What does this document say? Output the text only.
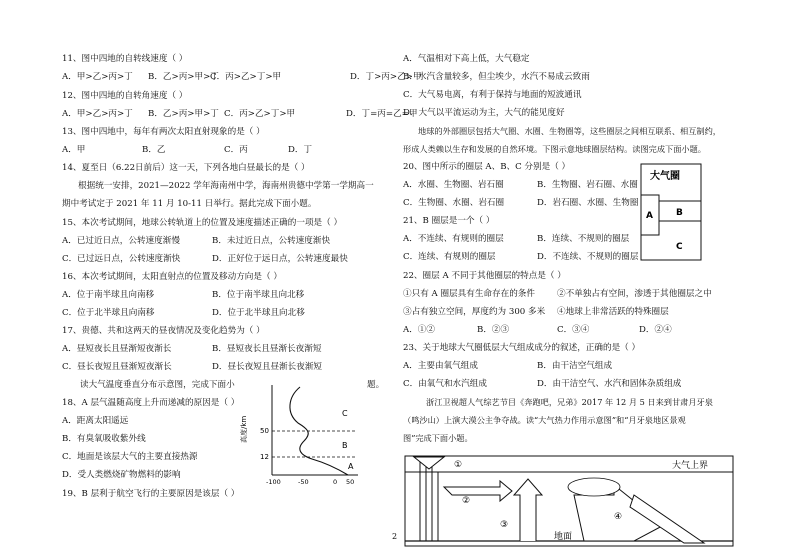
11、图中四地的自转线速度（ ）
A．甲>乙>丙>丁 B．乙>丙>甲>丁C．丙>乙>丁>甲	D．丁>丙>乙>甲
12、图中四地的自转角速度（ ）
A．甲>乙>丙>丁 B．乙>丙>甲>丁 C．丙>乙>丁>甲	D．丁=丙=乙=甲
13、图中四地中，每年有两次太阳直射现象的是（ ）
A．甲	B．乙	C．丙	D．丁
14、夏至日（6.22日前后）这一天，下列各地白昼最长的是（ ）
根据统一安排，2021—2022 学年海南州中学，海南州贵德中学第一学期高一
期中考试定于 2021 年 11 月 10-11 日举行。据此完成下面小题。
15、本次考试期间，地球公转轨道上的位置及速度描述正确的一项是（ ）
A．已过近日点，公转速度渐慢	B．未过近日点，公转速度渐快
C．已过远日点，公转速度渐快	D．正好位于远日点，公转速度最快
16、本次考试期间，太阳直射点的位置及移动方向是（ ）
A．位于南半球且向南移	B．位于南半球且向北移
C．位于北半球且向南移	D．位于北半球且向北移
17、贵德、共和这两天的昼夜情况及变化趋势为（ ）
A．昼短夜长且昼渐短夜渐长	B．昼短夜长且昼渐长夜渐短
C．昼长夜短且昼渐短夜渐长	D．昼长夜短且昼渐长夜渐短
读大气温度垂直分布示意图，完成下面小	题。
18、A 层气温随高度上升而递减的原因是（ ）
A．距离太阳遥远
B．有臭氧吸收紫外线
C．地面是该层大气的主要直接热源
D．受人类燃烧矿物燃料的影响
19、B 层利于航空飞行的主要原因是该层（ ）
高度/km 50
12
-100	-50	0 50
A
B
C
A．气温相对下高上低，大气稳定
B．水汽含量较多，但尘埃少，水汽不易成云致雨
C．大气易电离，有利于保持与地面的短波通讯
D．大气以平流运动为主，大气的能见度好
地球的外部圈层包括大气圈、水圈、生物圈等，这些圈层之间相互联系、相互制约，
形成人类赖以生存和发展的自然环境。下图示意地球圈层结构。读图完成下面小题。
20、图中所示的圈层 A、B、C 分别是（ ）
A．水圈、生物圈、岩石圈	B．生物圈、岩石圈、水圈
C．生物圈、水圈、岩石圈	D．岩石圈、水圈、生物圈
21、B 圈层是一个（ ）
A．不连续、有规则的圈层	B．连续、不规则的圈层
C．连续、有规则的圈层	D．不连续、不规则的圈层
22、圈层 A 不同于其他圈层的特点是（ ）
①只有 A 圈层具有生命存在的条件	②不单独占有空间，渗透于其他圈层之中
③占有独立空间，厚度约为 300 多米 ④地球上非常活跃的特殊圈层
A．①②	B．②③	C．③④	D．②④
23、关于地球大气圈低层大气组成成分的叙述，正确的是（ ）
A．主要由氧气组成	B．由干洁空气组成
C．由氧气和水汽组成	D．由干洁空气、水汽和固体杂质组成
浙江卫视超人气综艺节目《奔跑吧，兄弟》2017 年 12 月 5 日来到甘肃月牙泉
（鸣沙山）上演大漠公主争夺战。读“大气热力作用示意图”和“月牙泉地区景观
图”完成下面小题。
大气圈
A	B
C
大气上界
地面
①
②
③
④
2
